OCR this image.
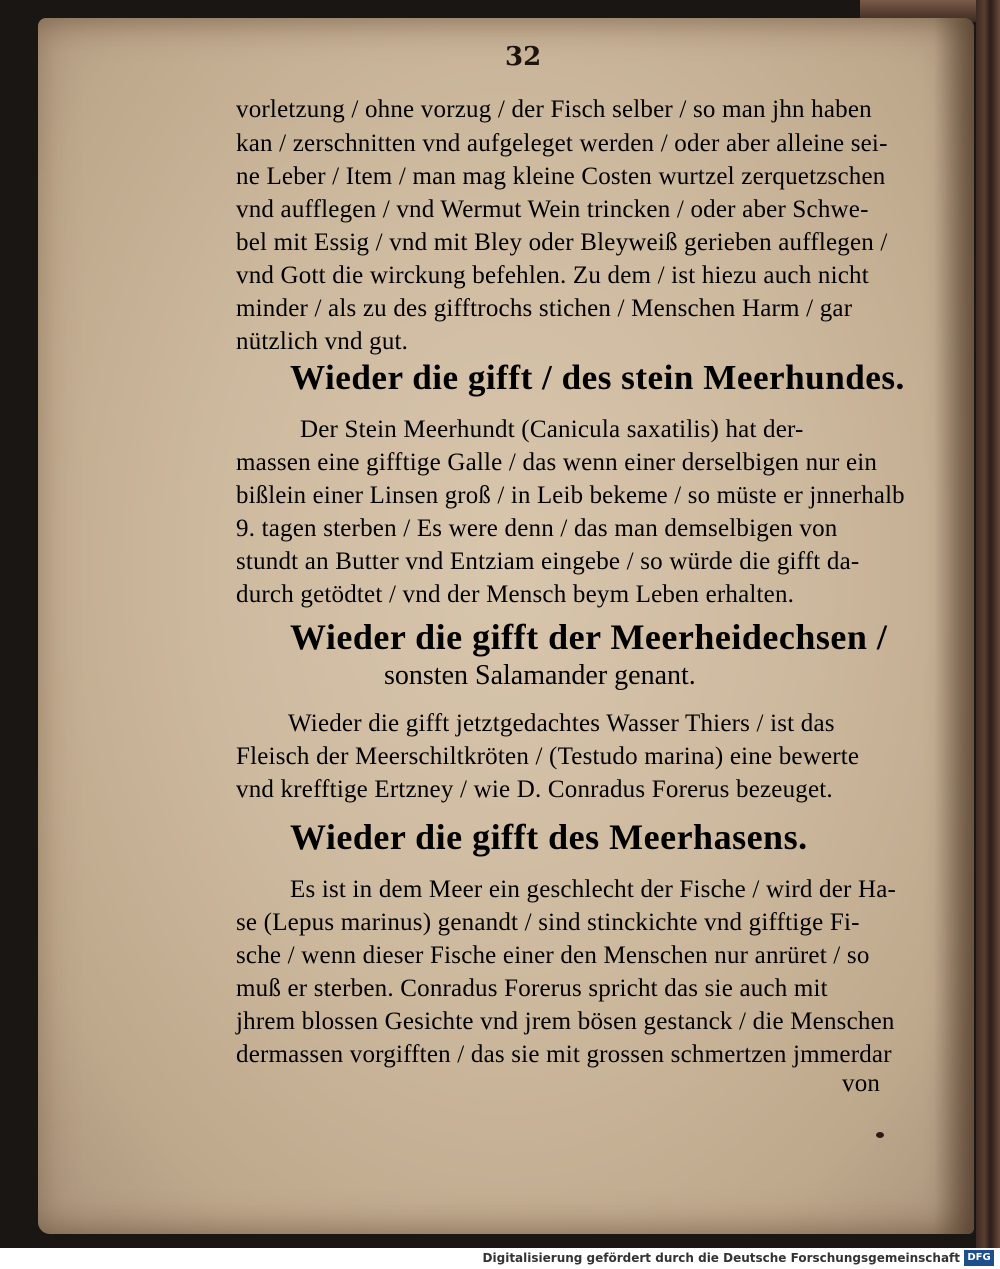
32
vorletzung / ohne vorzug / der Fisch selber / so man jhn haben
kan / zerschnitten vnd aufgeleget werden / oder aber alleine sei-
ne Leber / Item / man mag kleine Costen wurtzel zerquetzschen
vnd aufflegen / vnd Wermut Wein trincken / oder aber Schwe-
bel mit Essig / vnd mit Bley oder Bleyweiß gerieben aufflegen /
vnd Gott die wirckung befehlen. Zu dem / ist hiezu auch nicht
minder / als zu des gifftrochs stichen / Menschen Harm / gar
nützlich vnd gut.
Wieder die gifft / des stein Meerhundes.
Der Stein Meerhundt (Canicula saxatilis) hat der-
massen eine gifftige Galle / das wenn einer derselbigen nur ein
bißlein einer Linsen groß / in Leib bekeme / so müste er jnnerhalb
9. tagen sterben / Es were denn / das man demselbigen von
stundt an Butter vnd Entziam eingebe / so würde die gifft da-
durch getödtet / vnd der Mensch beym Leben erhalten.
Wieder die gifft der Meerheidechsen /
sonsten Salamander genant.
Wieder die gifft jetztgedachtes Wasser Thiers / ist das
Fleisch der Meerschiltkröten / (Testudo marina) eine bewerte
vnd krefftige Ertzney / wie D. Conradus Forerus bezeuget.
Wieder die gifft des Meerhasens.
Es ist in dem Meer ein geschlecht der Fische / wird der Ha-
se (Lepus marinus) genandt / sind stinckichte vnd gifftige Fi-
sche / wenn dieser Fische einer den Menschen nur anrüret / so
muß er sterben. Conradus Forerus spricht das sie auch mit
jhrem blossen Gesichte vnd jrem bösen gestanck / die Menschen
dermassen vorgifften / das sie mit grossen schmertzen jmmerdar
von
Digitalisierung gefördert durch die Deutsche Forschungsgemeinschaft DFG
